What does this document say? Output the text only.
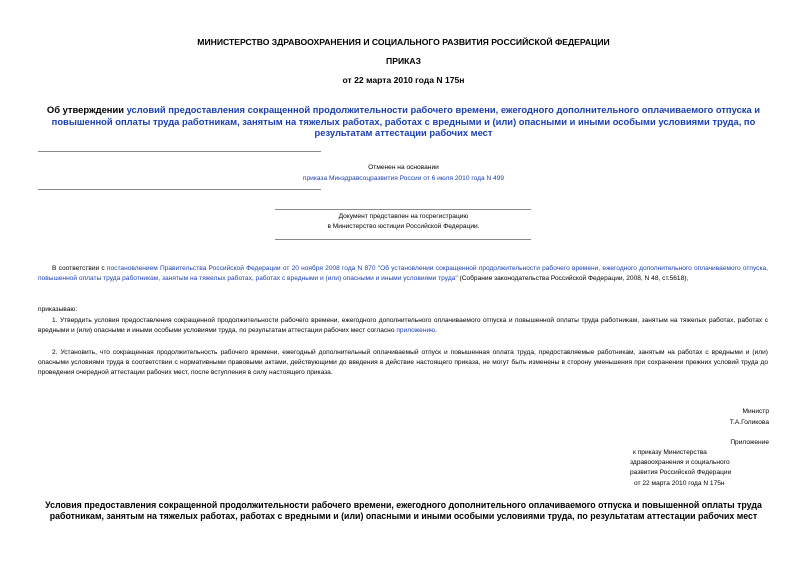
МИНИСТЕРСТВО ЗДРАВООХРАНЕНИЯ И СОЦИАЛЬНОГО РАЗВИТИЯ РОССИЙСКОЙ ФЕДЕРАЦИИ
ПРИКАЗ
от 22 марта 2010 года N 175н
Об утверждении условий предоставления сокращенной продолжительности рабочего времени, ежегодного дополнительного оплачиваемого отпуска и повышенной оплаты труда работникам, занятым на тяжелых работах, работах с вредными и (или) опасными и иными особыми условиями труда, по результатам аттестации рабочих мест
Отменен на основании
приказа Минздравсоцразвития России от 6 июля 2010 года N 499
Документ представлен на госрегистрацию
в Министерство юстиции Российской Федерации.
В соответствии с постановлением Правительства Российской Федерации от 20 ноября 2008 года N 870 "Об установлении сокращенной продолжительности рабочего времени, ежегодного дополнительного оплачиваемого отпуска, повышенной оплаты труда работникам, занятым на тяжелых работах, работах с вредными и (или) опасными и иными условиями труда" (Собрание законодательства Российской Федерации, 2008, N 48, ст.5618),
приказываю:
1. Утвердить условия предоставления сокращенной продолжительности рабочего времени, ежегодного дополнительного оплачиваемого отпуска и повышенной оплаты труда работникам, занятым на тяжелых работах, работах с вредными и (или) опасными и иными особыми условиями труда, по результатам аттестации рабочих мест согласно приложению.
2. Установить, что сокращенная продолжительность рабочего времени, ежегодный дополнительный оплачиваемый отпуск и повышенная оплата труда, предоставляемые работникам, занятым на работах с вредными и (или) опасными условиями труда в соответствии с нормативными правовыми актами, действующими до введения в действие настоящего приказа, не могут быть изменены в сторону уменьшения при сохранении прежних условий труда до проведения очередной аттестации рабочих мест, после вступления в силу настоящего приказа.
Министр
Т.А.Голикова
Приложение
к приказу Министерства
здравоохранения и социального
развития Российской Федерации
от 22 марта 2010 года N 175н
Условия предоставления сокращенной продолжительности рабочего времени, ежегодного дополнительного оплачиваемого отпуска и повышенной оплаты труда работникам, занятым на тяжелых работах, работах с вредными и (или) опасными и иными особыми условиями труда, по результатам аттестации рабочих мест
